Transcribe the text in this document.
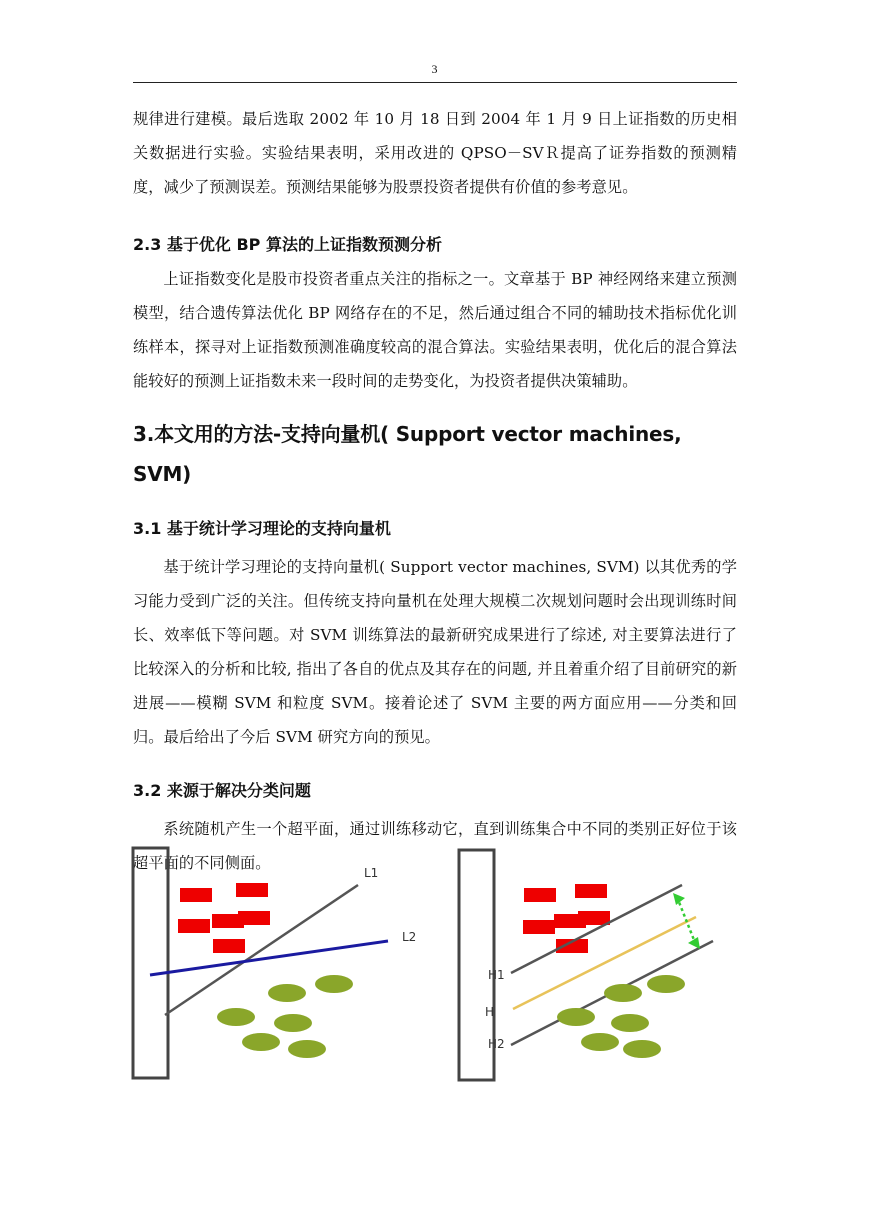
3

规律进行建模。最后选取 2002 年 10 月 18 日到 2004 年 1 月 9 日上证指数的历史相关数据进行实验。实验结果表明，采用改进的 QPSO－SVＲ提高了证券指数的预测精度，减少了预测误差。预测结果能够为股票投资者提供有价值的参考意见。

2.3 基于优化 BP 算法的上证指数预测分析

上证指数变化是股市投资者重点关注的指标之一。文章基于 BP 神经网络来建立预测模型，结合遗传算法优化 BP 网络存在的不足，然后通过组合不同的辅助技术指标优化训练样本，探寻对上证指数预测准确度较高的混合算法。实验结果表明，优化后的混合算法能较好的预测上证指数未来一段时间的走势变化，为投资者提供决策辅助。

3.本文用的方法-支持向量机( Support vector machines, SVM)
3.1 基于统计学习理论的支持向量机

基于统计学习理论的支持向量机( Support vector machines, SVM) 以其优秀的学习能力受到广泛的关注。但传统支持向量机在处理大规模二次规划问题时会出现训练时间长、效率低下等问题。对 SVM 训练算法的最新研究成果进行了综述, 对主要算法进行了比较深入的分析和比较, 指出了各自的优点及其存在的问题, 并且着重介绍了目前研究的新进展——模糊 SVM 和粒度 SVM。接着论述了 SVM 主要的两方面应用——分类和回归。最后给出了今后 SVM 研究方向的预见。

3.2 来源于解决分类问题

系统随机产生一个超平面，通过训练移动它，直到训练集合中不同的类别正好位于该超平面的不同侧面。

L1
L2
H1
H
H2
